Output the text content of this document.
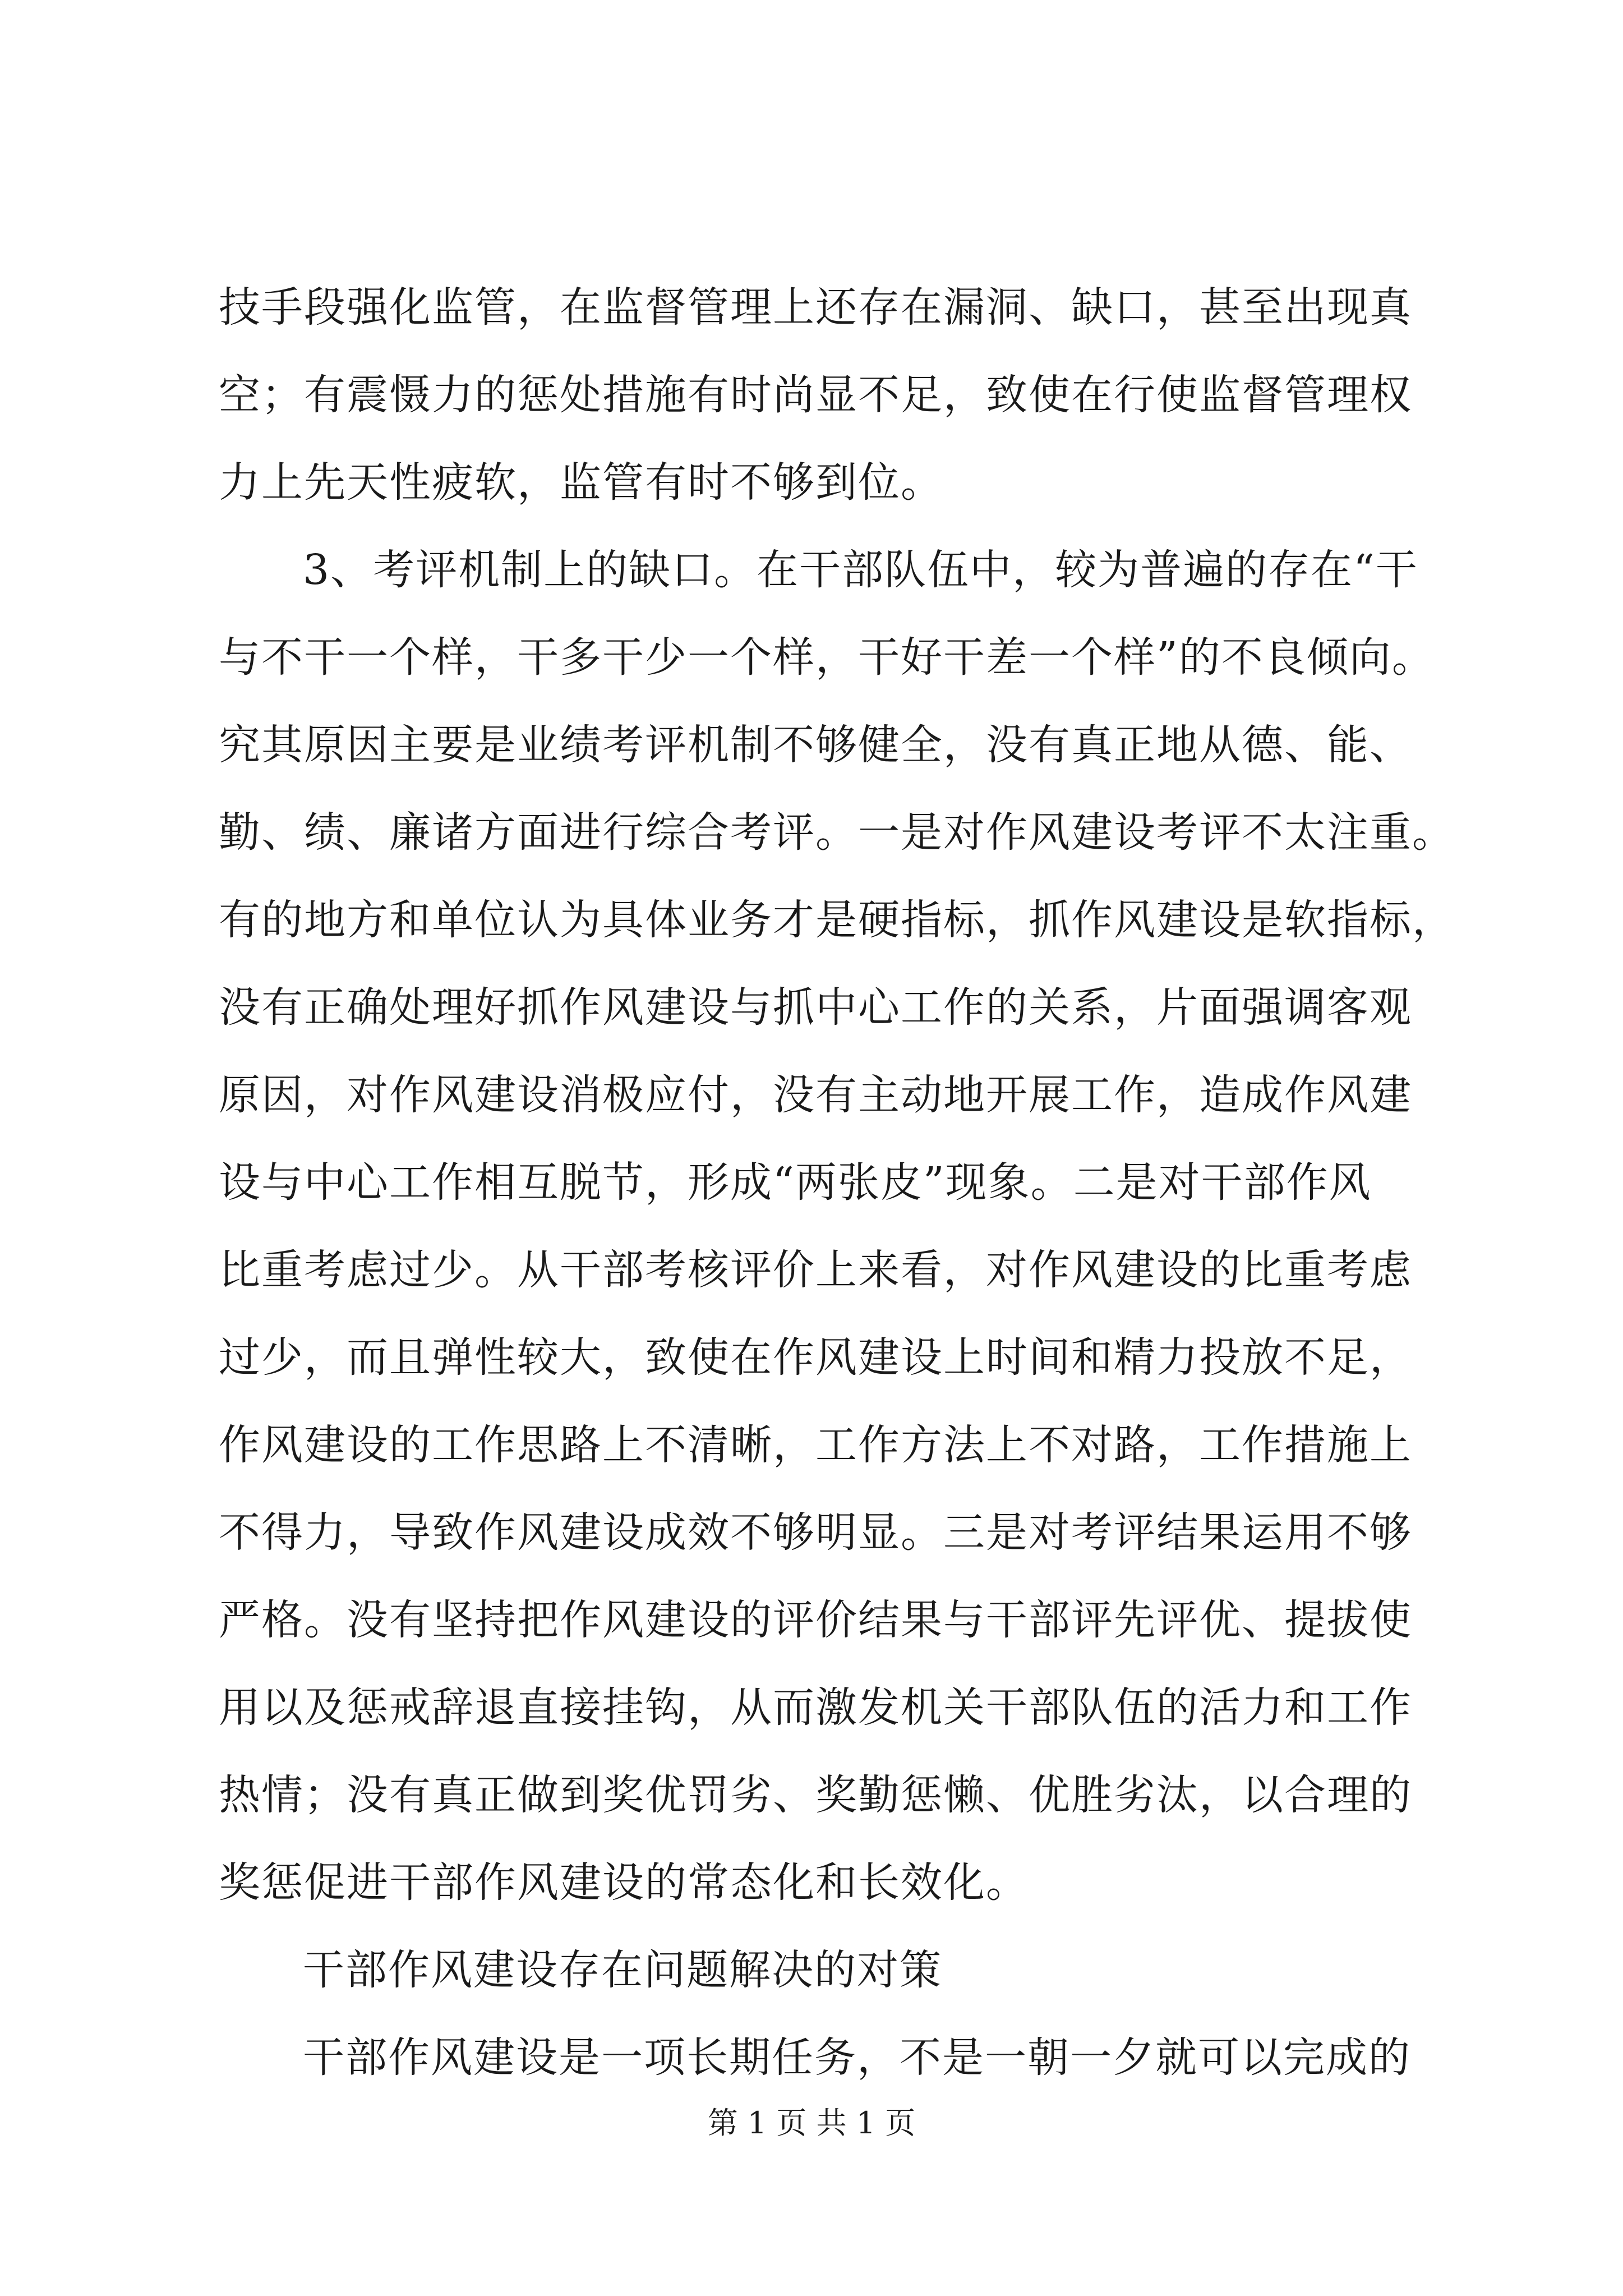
技手段强化监管，在监督管理上还存在漏洞、缺口，甚至出现真
空；有震慑力的惩处措施有时尚显不足，致使在行使监督管理权
力上先天性疲软，监管有时不够到位。
3、考评机制上的缺口。在干部队伍中，较为普遍的存在“干
与不干一个样，干多干少一个样，干好干差一个样”的不良倾向。
究其原因主要是业绩考评机制不够健全，没有真正地从德、能、
勤、绩、廉诸方面进行综合考评。一是对作风建设考评不太注重。
有的地方和单位认为具体业务才是硬指标，抓作风建设是软指标，
没有正确处理好抓作风建设与抓中心工作的关系，片面强调客观
原因，对作风建设消极应付，没有主动地开展工作，造成作风建
设与中心工作相互脱节，形成“两张皮”现象。二是对干部作风
比重考虑过少。从干部考核评价上来看，对作风建设的比重考虑
过少，而且弹性较大，致使在作风建设上时间和精力投放不足，
作风建设的工作思路上不清晰，工作方法上不对路，工作措施上
不得力，导致作风建设成效不够明显。三是对考评结果运用不够
严格。没有坚持把作风建设的评价结果与干部评先评优、提拔使
用以及惩戒辞退直接挂钩，从而激发机关干部队伍的活力和工作
热情；没有真正做到奖优罚劣、奖勤惩懒、优胜劣汰，以合理的
奖惩促进干部作风建设的常态化和长效化。
干部作风建设存在问题解决的对策
干部作风建设是一项长期任务，不是一朝一夕就可以完成的
第 1 页 共 1 页
